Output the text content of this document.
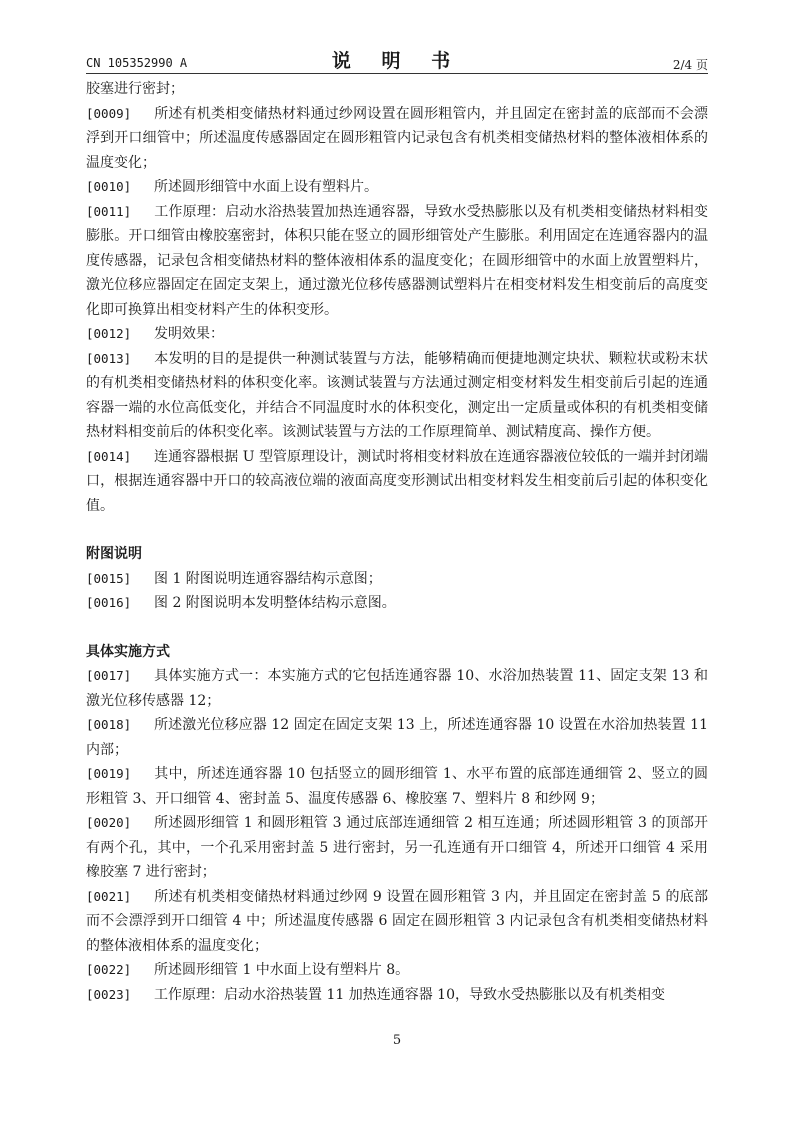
CN 105352990 A	说 明 书	2/4 页

胶塞进行密封；

[0009] 所述有机类相变储热材料通过纱网设置在圆形粗管内，并且固定在密封盖的底部而不会漂浮到开口细管中；所述温度传感器固定在圆形粗管内记录包含有机类相变储热材料的整体液相体系的温度变化；

[0010] 所述圆形细管中水面上设有塑料片。

[0011] 工作原理：启动水浴热装置加热连通容器，导致水受热膨胀以及有机类相变储热材料相变膨胀。开口细管由橡胶塞密封，体积只能在竖立的圆形细管处产生膨胀。利用固定在连通容器内的温度传感器，记录包含相变储热材料的整体液相体系的温度变化；在圆形细管中的水面上放置塑料片，激光位移应器固定在固定支架上，通过激光位移传感器测试塑料片在相变材料发生相变前后的高度变化即可换算出相变材料产生的体积变形。

[0012] 发明效果：

[0013] 本发明的目的是提供一种测试装置与方法，能够精确而便捷地测定块状、颗粒状或粉末状的有机类相变储热材料的体积变化率。该测试装置与方法通过测定相变材料发生相变前后引起的连通容器一端的水位高低变化，并结合不同温度时水的体积变化，测定出一定质量或体积的有机类相变储热材料相变前后的体积变化率。该测试装置与方法的工作原理简单、测试精度高、操作方便。

[0014] 连通容器根据 U 型管原理设计，测试时将相变材料放在连通容器液位较低的一端并封闭端口，根据连通容器中开口的较高液位端的液面高度变形测试出相变材料发生相变前后引起的体积变化值。

附图说明

[0015] 图 1 附图说明连通容器结构示意图；

[0016] 图 2 附图说明本发明整体结构示意图。

具体实施方式

[0017] 具体实施方式一：本实施方式的它包括连通容器 10、水浴加热装置 11、固定支架 13 和激光位移传感器 12；

[0018] 所述激光位移应器 12 固定在固定支架 13 上，所述连通容器 10 设置在水浴加热装置 11 内部；

[0019] 其中，所述连通容器 10 包括竖立的圆形细管 1、水平布置的底部连通细管 2、竖立的圆形粗管 3、开口细管 4、密封盖 5、温度传感器 6、橡胶塞 7、塑料片 8 和纱网 9；

[0020] 所述圆形细管 1 和圆形粗管 3 通过底部连通细管 2 相互连通；所述圆形粗管 3 的顶部开有两个孔，其中，一个孔采用密封盖 5 进行密封，另一孔连通有开口细管 4，所述开口细管 4 采用橡胶塞 7 进行密封；

[0021] 所述有机类相变储热材料通过纱网 9 设置在圆形粗管 3 内，并且固定在密封盖 5 的底部而不会漂浮到开口细管 4 中；所述温度传感器 6 固定在圆形粗管 3 内记录包含有机类相变储热材料的整体液相体系的温度变化；

[0022] 所述圆形细管 1 中水面上设有塑料片 8。

[0023] 工作原理：启动水浴热装置 11 加热连通容器 10，导致水受热膨胀以及有机类相变

5
